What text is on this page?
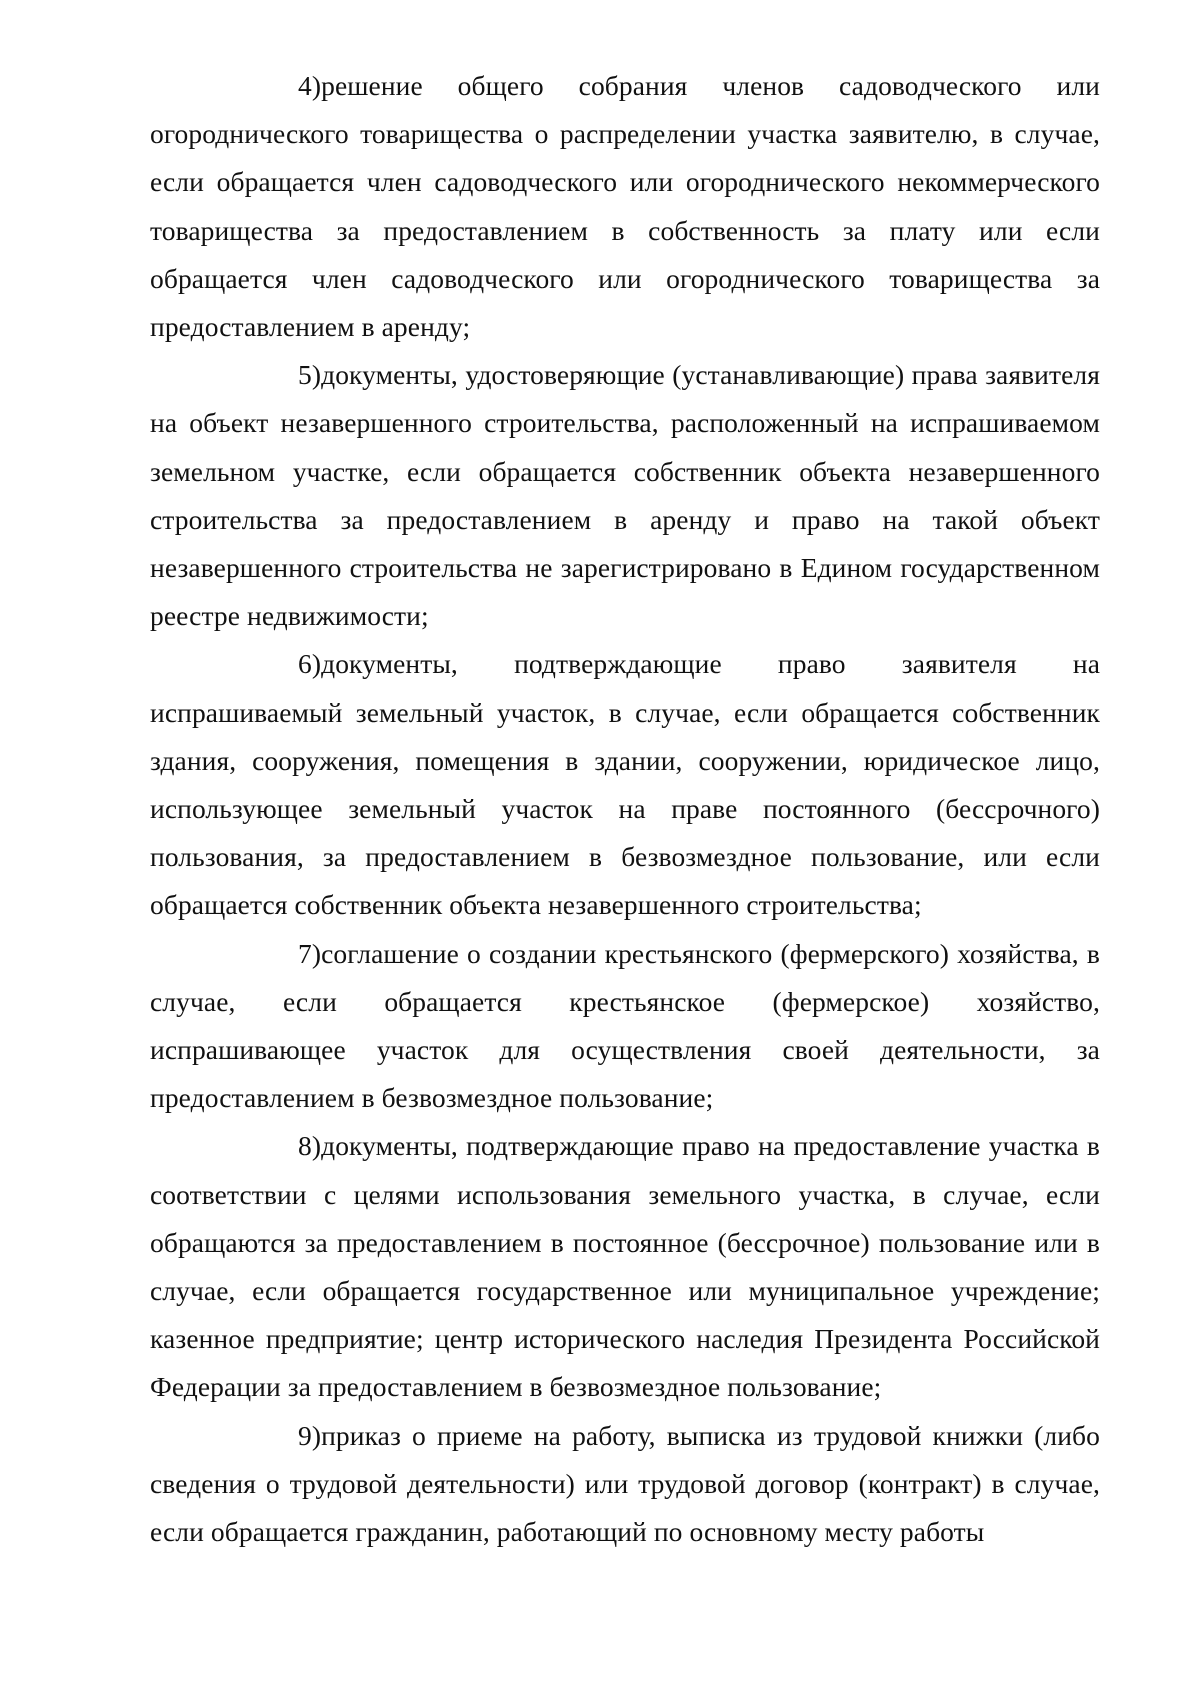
4)решение общего собрания членов садоводческого или огороднического товарищества о распределении участка заявителю, в случае, если обращается член садоводческого или огороднического некоммерческого товарищества за предоставлением в собственность за плату или если обращается член садоводческого или огороднического товарищества за предоставлением в аренду;

5)документы, удостоверяющие (устанавливающие) права заявителя на объект незавершенного строительства, расположенный на испрашиваемом земельном участке, если обращается собственник объекта незавершенного строительства за предоставлением в аренду и право на такой объект незавершенного строительства не зарегистрировано в Едином государственном реестре недвижимости;

6)документы, подтверждающие право заявителя на испрашиваемый земельный участок, в случае, если обращается собственник здания, сооружения, помещения в здании, сооружении, юридическое лицо, использующее земельный участок на праве постоянного (бессрочного) пользования, за предоставлением в безвозмездное пользование, или если обращается собственник объекта незавершенного строительства;

7)соглашение о создании крестьянского (фермерского) хозяйства, в случае, если обращается крестьянское (фермерское) хозяйство, испрашивающее участок для осуществления своей деятельности, за предоставлением в безвозмездное пользование;

8)документы, подтверждающие право на предоставление участка в соответствии с целями использования земельного участка, в случае, если обращаются за предоставлением в постоянное (бессрочное) пользование или в случае, если обращается государственное или муниципальное учреждение; казенное предприятие; центр исторического наследия Президента Российской Федерации за предоставлением в безвозмездное пользование;

9)приказ о приеме на работу, выписка из трудовой книжки (либо сведения о трудовой деятельности) или трудовой договор (контракт) в случае, если обращается гражданин, работающий по основному месту работы
